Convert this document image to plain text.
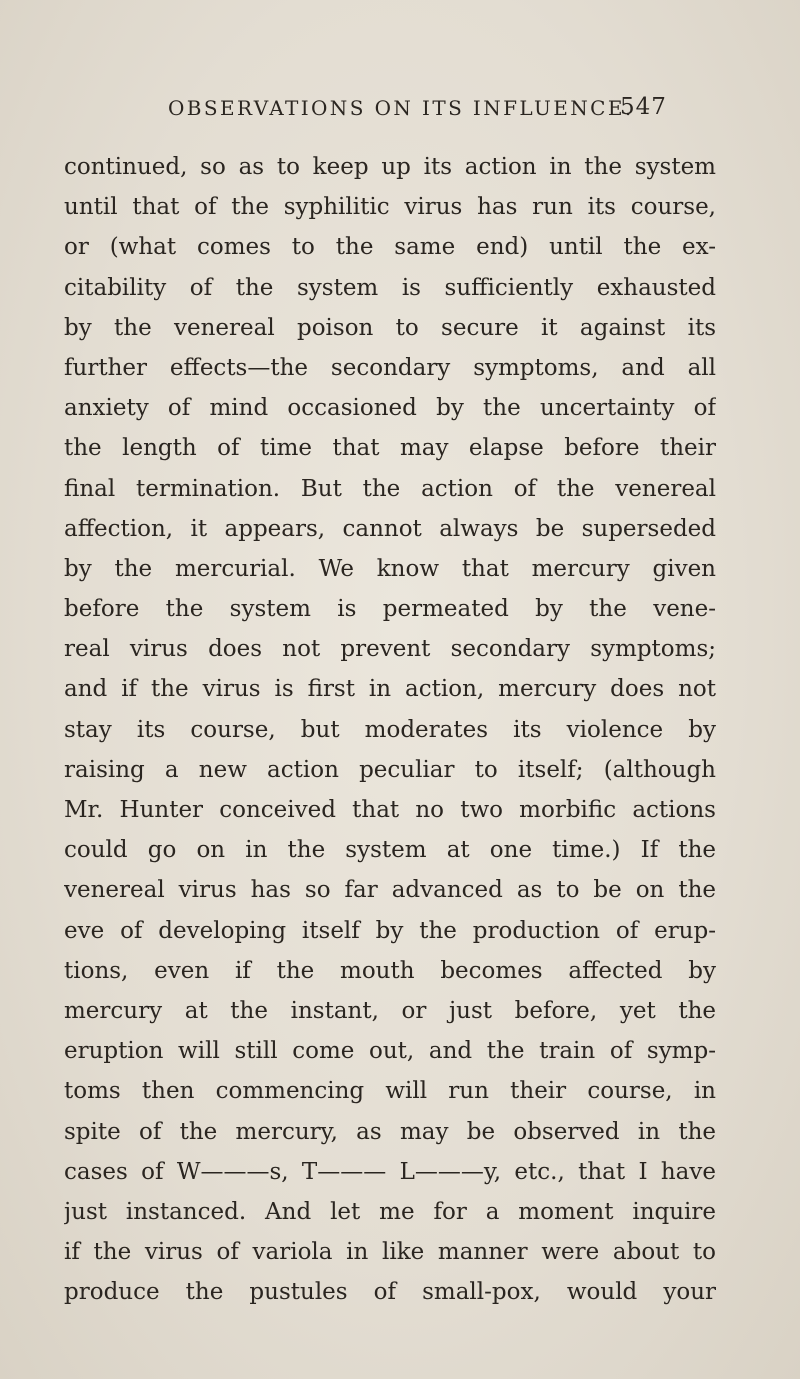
OBSERVATIONS ON ITS INFLUENCE.
547
continued, so as to keep up its action in the system
until that of the syphilitic virus has run its course,
or (what comes to the same end) until the ex-
citability of the system is sufficiently exhausted
by the venereal poison to secure it against its
further effects—the secondary symptoms, and all
anxiety of mind occasioned by the uncertainty of
the length of time that may elapse before their
final termination. But the action of the venereal
affection, it appears, cannot always be superseded
by the mercurial. We know that mercury given
before the system is permeated by the vene-
real virus does not prevent secondary symptoms;
and if the virus is first in action, mercury does not
stay its course, but moderates its violence by
raising a new action peculiar to itself; (although
Mr. Hunter conceived that no two morbific actions
could go on in the system at one time.) If the
venereal virus has so far advanced as to be on the
eve of developing itself by the production of erup-
tions, even if the mouth becomes affected by
mercury at the instant, or just before, yet the
eruption will still come out, and the train of symp-
toms then commencing will run their course, in
spite of the mercury, as may be observed in the
cases of W———s, T——— L———y, etc., that I have
just instanced. And let me for a moment inquire
if the virus of variola in like manner were about to
produce the pustules of small-pox, would your
